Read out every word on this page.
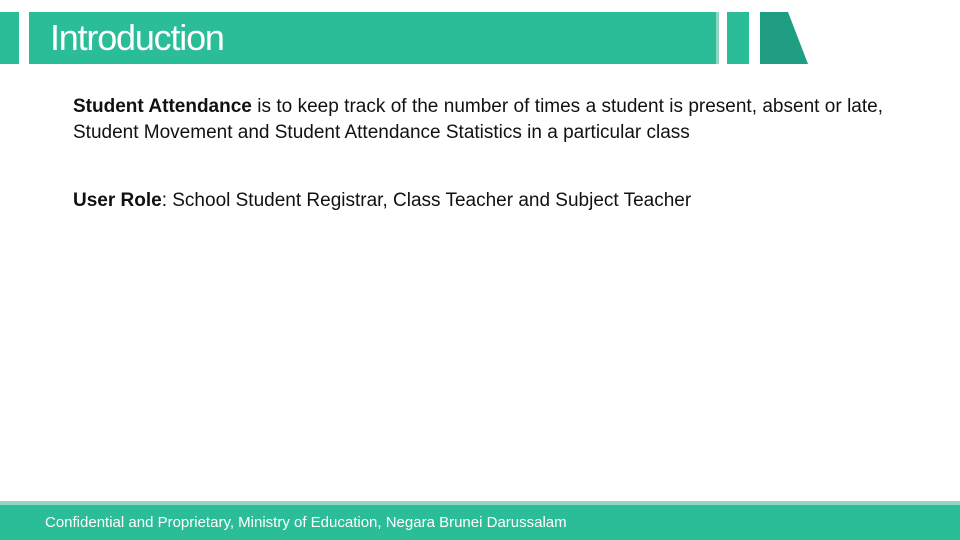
Introduction

Student Attendance is to keep track of the number of times a student is present, absent or late, Student Movement and Student Attendance Statistics in a particular class

User Role: School Student Registrar, Class Teacher and Subject Teacher

Confidential and Proprietary, Ministry of Education, Negara Brunei Darussalam
